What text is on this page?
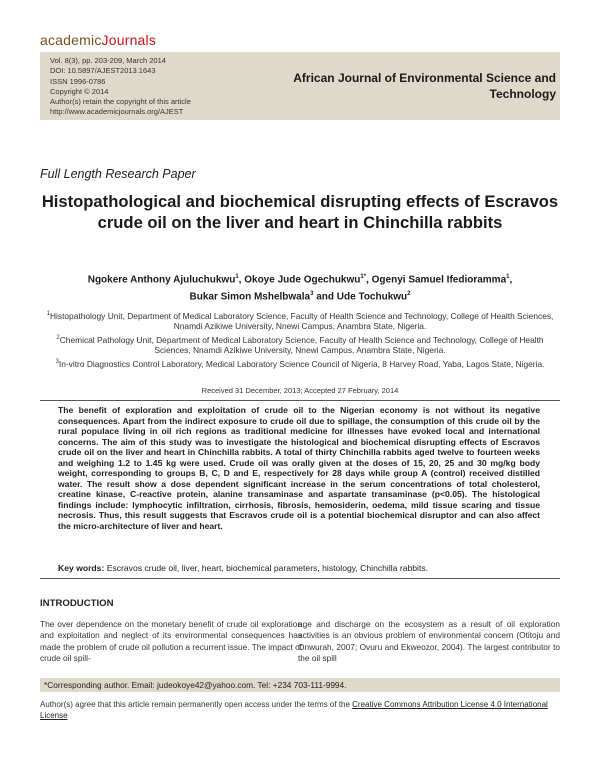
academicJournals
Vol. 8(3), pp. 203-209, March 2014
DOI: 10.5897/AJEST2013.1643
ISSN 1996-0786
Copyright © 2014
Author(s) retain the copyright of this article
http://www.academicjournals.org/AJEST
African Journal of Environmental Science and
Technology
Full Length Research Paper
Histopathological and biochemical disrupting effects of Escravos crude oil on the liver and heart in Chinchilla rabbits
Ngokere Anthony Ajuluchukwu$^1$, Okoye Jude Ogechukwu$^{1*}$, Ogenyi Samuel Ifedioramma$^1$,
Bukar Simon Mshelbwala$^3$ and Ude Tochukwu$^2$
$^1$Histopathology Unit, Department of Medical Laboratory Science, Faculty of Health Science and Technology, College of Health Sciences, Nnamdi Azikiwe University, Nnewi Campus, Anambra State, Nigeria.
$^2$Chemical Pathology Unit, Department of Medical Laboratory Science, Faculty of Health Science and Technology, College of Health Sciences, Nnamdi Azikiwe University, Nnewi Campus, Anambra State, Nigeria.
$^3$In-vitro Diagnostics Control Laboratory, Medical Laboratory Science Council of Nigeria, 8 Harvey Road, Yaba, Lagos State, Nigeria.
Received 31 December, 2013; Accepted 27 February, 2014
The benefit of exploration and exploitation of crude oil to the Nigerian economy is not without its negative consequences. Apart from the indirect exposure to crude oil due to spillage, the consumption of this crude oil by the rural populace living in oil rich regions as traditional medicine for illnesses have evoked local and international concerns. The aim of this study was to investigate the histological and biochemical disrupting effects of Escravos crude oil on the liver and heart in Chinchilla rabbits. A total of thirty Chinchilla rabbits aged twelve to fourteen weeks and weighing 1.2 to 1.45 kg were used. Crude oil was orally given at the doses of 15, 20, 25 and 30 mg/kg body weight, corresponding to groups B, C, D and E, respectively for 28 days while group A (control) received distilled water. The result show a dose dependent significant increase in the serum concentrations of total cholesterol, creatine kinase, C-reactive protein, alanine transaminase and aspartate transaminase (p<0.05). The histological findings include: lymphocytic infiltration, cirrhosis, fibrosis, hemosiderin, oedema, mild tissue scaring and tissue necrosis. Thus, this result suggests that Escravos crude oil is a potential biochemical disruptor and can also affect the micro-architecture of liver and heart.
Key words: Escravos crude oil, liver, heart, biochemical parameters, histology, Chinchilla rabbits.
INTRODUCTION
The over dependence on the monetary benefit of crude oil exploration and exploitation and neglect of its environmental consequences has made the problem of crude oil pollution a recurrent issue. The impact of crude oil spill-
age and discharge on the ecosystem as a result of oil exploration activities is an obvious problem of environmental concern (Otitoju and Onwurah, 2007; Ovuru and Ekweozor, 2004). The largest contributor to the oil spill
*Corresponding author. Email: judeokoye42@yahoo.com. Tel: +234 703-111-9994.
Author(s) agree that this article remain permanently open access under the terms of the Creative Commons Attribution License 4.0 International License
